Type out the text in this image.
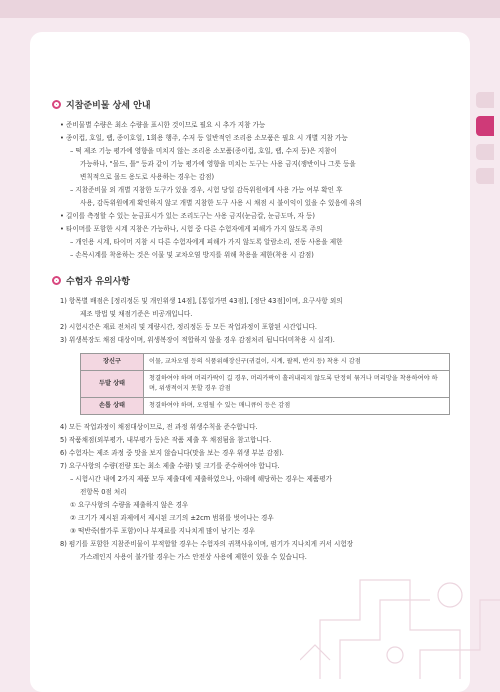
지참준비물 상세 안내
• 준비물별 수량은 최소 수량을 표시한 것이므로 필요 시 추가 지참 가능
• 종이컵, 호일, 랩, 종이호일, 1회용 행주, 수저 등 일반적인 조리용 소모품은 필요 시 개별 지참 가능
– 떡 제조 기능 평가에 영향을 미치지 않는 조리용 소모품(종이컵, 호일, 랩, 수저 등)은 지참이
가능하나, "몰드, 틀" 등과 같이 기능 평가에 영향을 미치는 도구는 사용 금지(쟁반이나 그릇 등을
변칙적으로 몰드 용도로 사용하는 경우는 감점)
– 지참준비물 외 개별 지참한 도구가 있을 경우, 시험 당일 감독위원에게 사용 가능 여부 확인 후
사용, 감독위원에게 확인하지 않고 개별 지참한 도구 사용 시 채점 시 불이익이 있을 수 있음에 유의
• 길이를 측정할 수 있는 눈금표시가 있는 조리도구는 사용 금지(눈금칼, 눈금도마, 자 등)
• 타이머를 포함한 시계 지참은 가능하나, 시험 중 다른 수험자에게 피해가 가지 않도록 주의
– 개인용 시계, 타이머 지참 시 다른 수험자에게 피해가 가지 않도록 알람소리, 진동 사용을 제한
– 손목시계를 착용하는 것은 이물 및 교차오염 방지를 위해 착용을 제한(착용 시 감점)
수험자 유의사항
1) 항목별 배점은 [정리정돈 및 개인위생 14점], [통일가면 43점], [정단 43점]이며, 요구사항 외의
제조 방법 및 채점기준은 비공개입니다.
2) 시험시간은 재료 전처리 및 계량시간, 정리정돈 등 모든 작업과정이 포함된 시간입니다.
3) 위생복장도 채점 대상이며, 위생복장이 적합하지 않을 경우 감점처리 됩니다(미착용 시 실격).
장신구	이물, 교차오염 등의 식품위해장신구(귀걸이, 시계, 팔찌, 반지 등) 착용 시 감점
두발 상태	청결하여야 하며 머리카락이 길 경우, 머리카락이 흘러내리지 않도록 단정히 묶거나 머리망을 착용하여야 하며, 위생적이지 못할 경우 감점
손톱 상태	청결하여야 하며, 오염될 수 있는 매니큐어 등은 감점
4) 모든 작업과정이 채점대상이므로, 전 과정 위생수칙을 준수합니다.
5) 작품채점(외부평가, 내부평가 등)은 작품 제출 후 채점됨을 참고합니다.
6) 수험자는 제조 과정 중 맛을 보지 않습니다(맛을 보는 경우 위생 부분 감점).
7) 요구사항의 수량(전량 또는 최소 제출 수량) 및 크기를 준수하여야 합니다.
– 시험시간 내에 2가지 제품 모두 제출대에 제출하였으나, 아래에 해당하는 경우는 제품평가
전항목 0점 처리
① 요구사항의 수량을 제출하지 않은 경우
② 크기가 제시된 과제에서 제시된 크기의 ±2cm 범위를 벗어나는 경우
③ 떡반죽(쌀가루 포함)이나 부재료를 지나치게 많이 남기는 경우
8) 펌기를 포함한 지참준비물이 부적합할 경우는 수험자의 귀책사유이며, 펌기가 지나치게 커서 시험장
가스레인지 사용이 불가할 경우는 가스 안전상 사용에 제한이 있을 수 있습니다.
